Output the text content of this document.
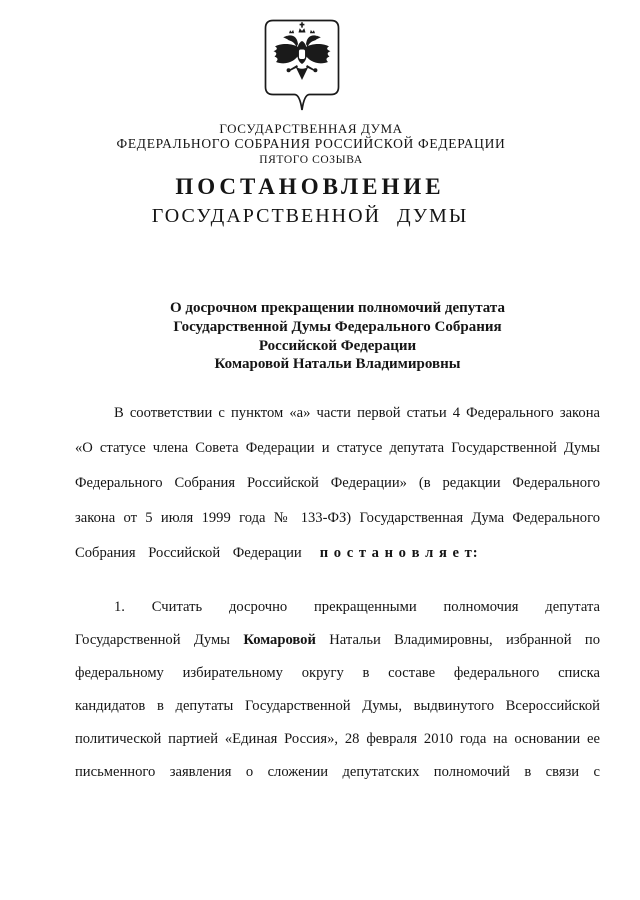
ГОСУДАРСТВЕННАЯ ДУМА
ФЕДЕРАЛЬНОГО СОБРАНИЯ РОССИЙСКОЙ ФЕДЕРАЦИИ
ПЯТОГО СОЗЫВА
ПОСТАНОВЛЕНИЕ
ГОСУДАРСТВЕННОЙ ДУМЫ
О досрочном прекращении полномочий депутата
Государственной Думы Федерального Собрания
Российской Федерации
Комаровой Натальи Владимировны
В соответствии с пунктом «а» части первой статьи 4 Федерального закона
«О статусе члена Совета Федерации и статусе депутата Государственной Думы
Федерального Собрания Российской Федерации» (в редакции Федерального
закона от 5 июля 1999 года № 133-ФЗ) Государственная Дума Федерального
Собрания Российской Федерации п о с т а н о в л я е т:
1. Считать досрочно прекращенными полномочия депутата
Государственной Думы Комаровой Натальи Владимировны, избранной по
федеральному избирательному округу в составе федерального списка
кандидатов в депутаты Государственной Думы, выдвинутого Всероссийской
политической партией «Единая Россия», 28 февраля 2010 года на основании ее
письменного заявления о сложении депутатских полномочий в связи с
